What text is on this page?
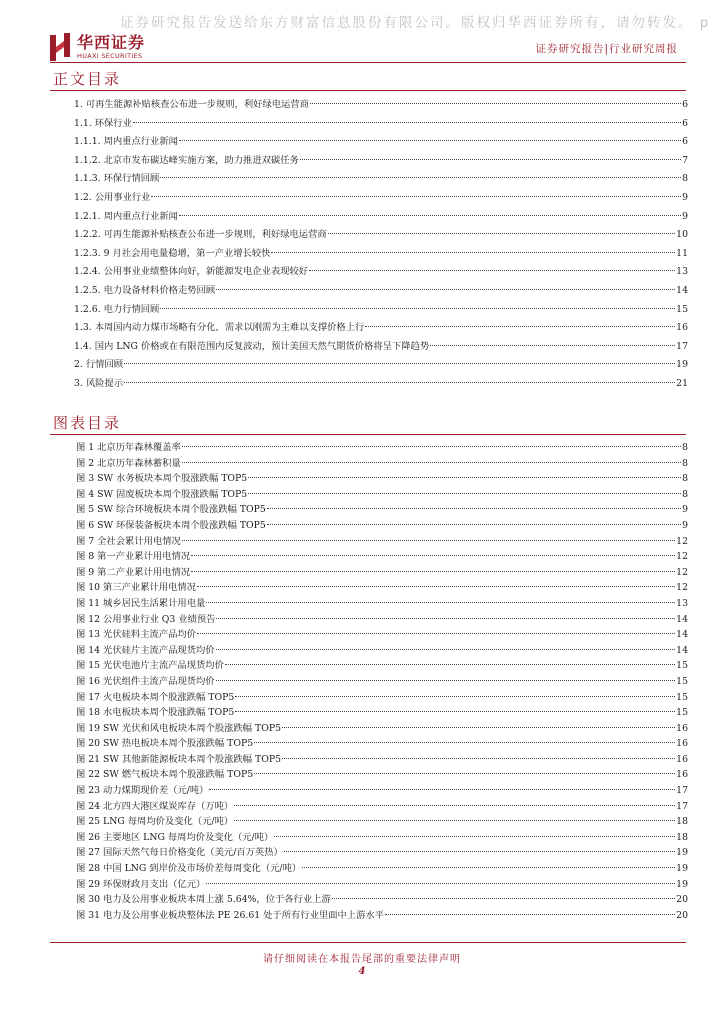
证券研究报告发送给东方财富信息股份有限公司。版权归华西证券所有，请勿转发。 p
华西证券
HUAXI SECURITIES
证券研究报告|行业研究周报
正文目录
1. 可再生能源补贴核查公布进一步规则，利好绿电运营商	6
1.1. 环保行业	6
1.1.1. 周内重点行业新闻	6
1.1.2. 北京市发布碳达峰实施方案，助力推进双碳任务	7
1.1.3. 环保行情回顾	8
1.2. 公用事业行业	9
1.2.1. 周内重点行业新闻	9
1.2.2. 可再生能源补贴核查公布进一步规则，利好绿电运营商	10
1.2.3. 9 月社会用电量稳增，第一产业增长较快	11
1.2.4. 公用事业业绩整体向好，新能源发电企业表现较好	13
1.2.5. 电力设备材料价格走势回顾	14
1.2.6. 电力行情回顾	15
1.3. 本周国内动力煤市场略有分化，需求以刚需为主难以支撑价格上行	16
1.4. 国内 LNG 价格或在有限范围内反复波动，预计美国天然气期货价格将呈下降趋势	17
2. 行情回顾	19
3. 风险提示	21
图表目录
图 1 北京历年森林覆盖率	8
图 2 北京历年森林蓄积量	8
图 3 SW 水务板块本周个股涨跌幅 TOP5	8
图 4 SW 固废板块本周个股涨跌幅 TOP5	8
图 5 SW 综合环境板块本周个股涨跌幅 TOP5	9
图 6 SW 环保装备板块本周个股涨跌幅 TOP5	9
图 7 全社会累计用电情况	12
图 8 第一产业累计用电情况	12
图 9 第二产业累计用电情况	12
图 10 第三产业累计用电情况	12
图 11 城乡居民生活累计用电量	13
图 12 公用事业行业 Q3 业绩预告	14
图 13 光伏硅料主流产品均价	14
图 14 光伏硅片主流产品现货均价	14
图 15 光伏电池片主流产品现货均价	15
图 16 光伏组件主流产品现货均价	15
图 17 火电板块本周个股涨跌幅 TOP5	15
图 18 水电板块本周个股涨跌幅 TOP5	15
图 19 SW 光伏和风电板块本周个股涨跌幅 TOP5	16
图 20 SW 热电板块本周个股涨跌幅 TOP5	16
图 21 SW 其他新能源板块本周个股涨跌幅 TOP5	16
图 22 SW 燃气板块本周个股涨跌幅 TOP5	16
图 23 动力煤期现价差（元/吨）	17
图 24 北方四大港区煤炭库存（万吨）	17
图 25 LNG 每周均价及变化（元/吨）	18
图 26 主要地区 LNG 每周均价及变化（元/吨）	18
图 27 国际天然气每日价格变化（美元/百万英热）	19
图 28 中国 LNG 到岸价及市场价差每周变化（元/吨）	19
图 29 环保财政月支出（亿元）	19
图 30 电力及公用事业板块本周上涨 5.64%，位于各行业上游	20
图 31 电力及公用事业板块整体法 PE 26.61 处于所有行业里面中上游水平	20
请仔细阅读在本报告尾部的重要法律声明
4
